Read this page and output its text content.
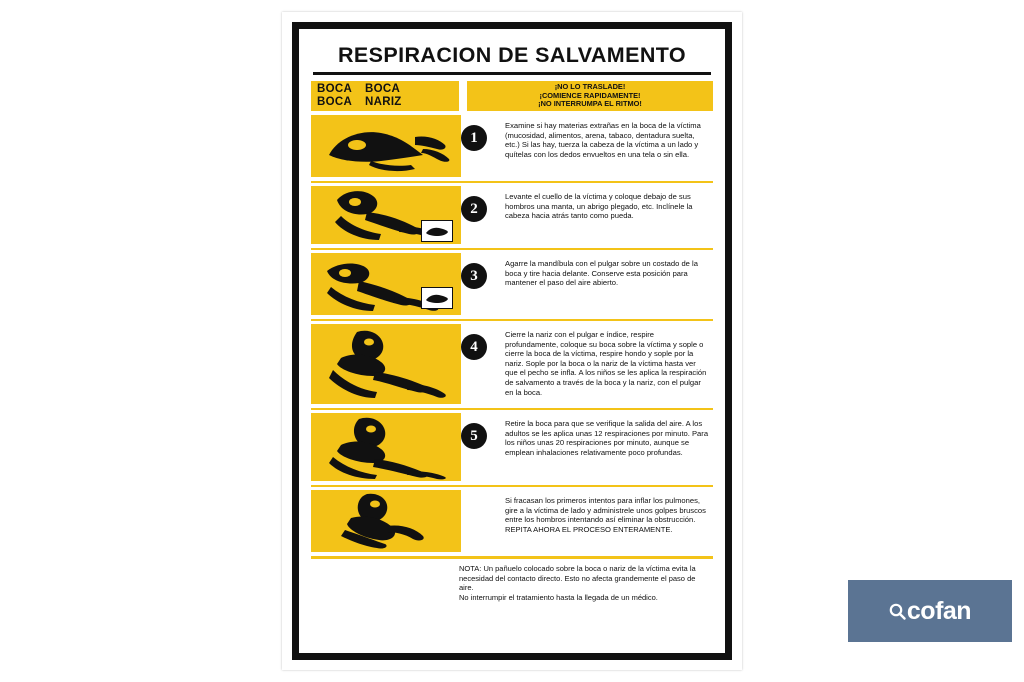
RESPIRACION DE SALVAMENTO
BOCA	BOCA
BOCA	NARIZ
¡NO LO TRASLADE!
¡COMIENCE RAPIDAMENTE!
¡NO INTERRUMPA EL RITMO!
1

Examine si hay materias extrañas en la boca de la víctima (mucosidad, alimentos, arena, tabaco, dentadura suelta, etc.) Si las hay, tuerza la cabeza de la víctima a un lado y quítelas con los dedos envueltos en una tela o sin ella.

2

Levante el cuello de la víctima y coloque debajo de sus hombros una manta, un abrigo plegado, etc. Inclínele la cabeza hacia atrás tanto como pueda.

3

Agarre la mandíbula con el pulgar sobre un costado de la boca y tire hacia delante. Conserve esta posición para mantener el paso del aire abierto.

4

Cierre la nariz con el pulgar e índice, respire profundamente, coloque su boca sobre la víctima y sople o cierre la boca de la víctima, respire hondo y sople por la nariz. Sople por la boca o la nariz de la víctima hasta ver que el pecho se infla. A los niños se les aplica la respiración de salvamento a través de la boca y la nariz, con el pulgar en la boca.

5

Retire la boca para que se verifique la salida del aire. A los adultos se les aplica unas 12 respiraciones por minuto. Para los niños unas 20 respiraciones por minuto, aunque se emplean inhalaciones relativamente poco profundas.

Si fracasan los primeros intentos para inflar los pulmones, gire a la víctima de lado y administrele unos golpes bruscos entre los hombros intentando así eliminar la obstrucción. REPITA AHORA EL PROCESO ENTERAMENTE.

NOTA: Un pañuelo colocado sobre la boca o nariz de la víctima evita la necesidad del contacto directo. Esto no afecta grandemente el paso de aire.

No interrumpir el tratamiento hasta la llegada de un médico.	cofan
